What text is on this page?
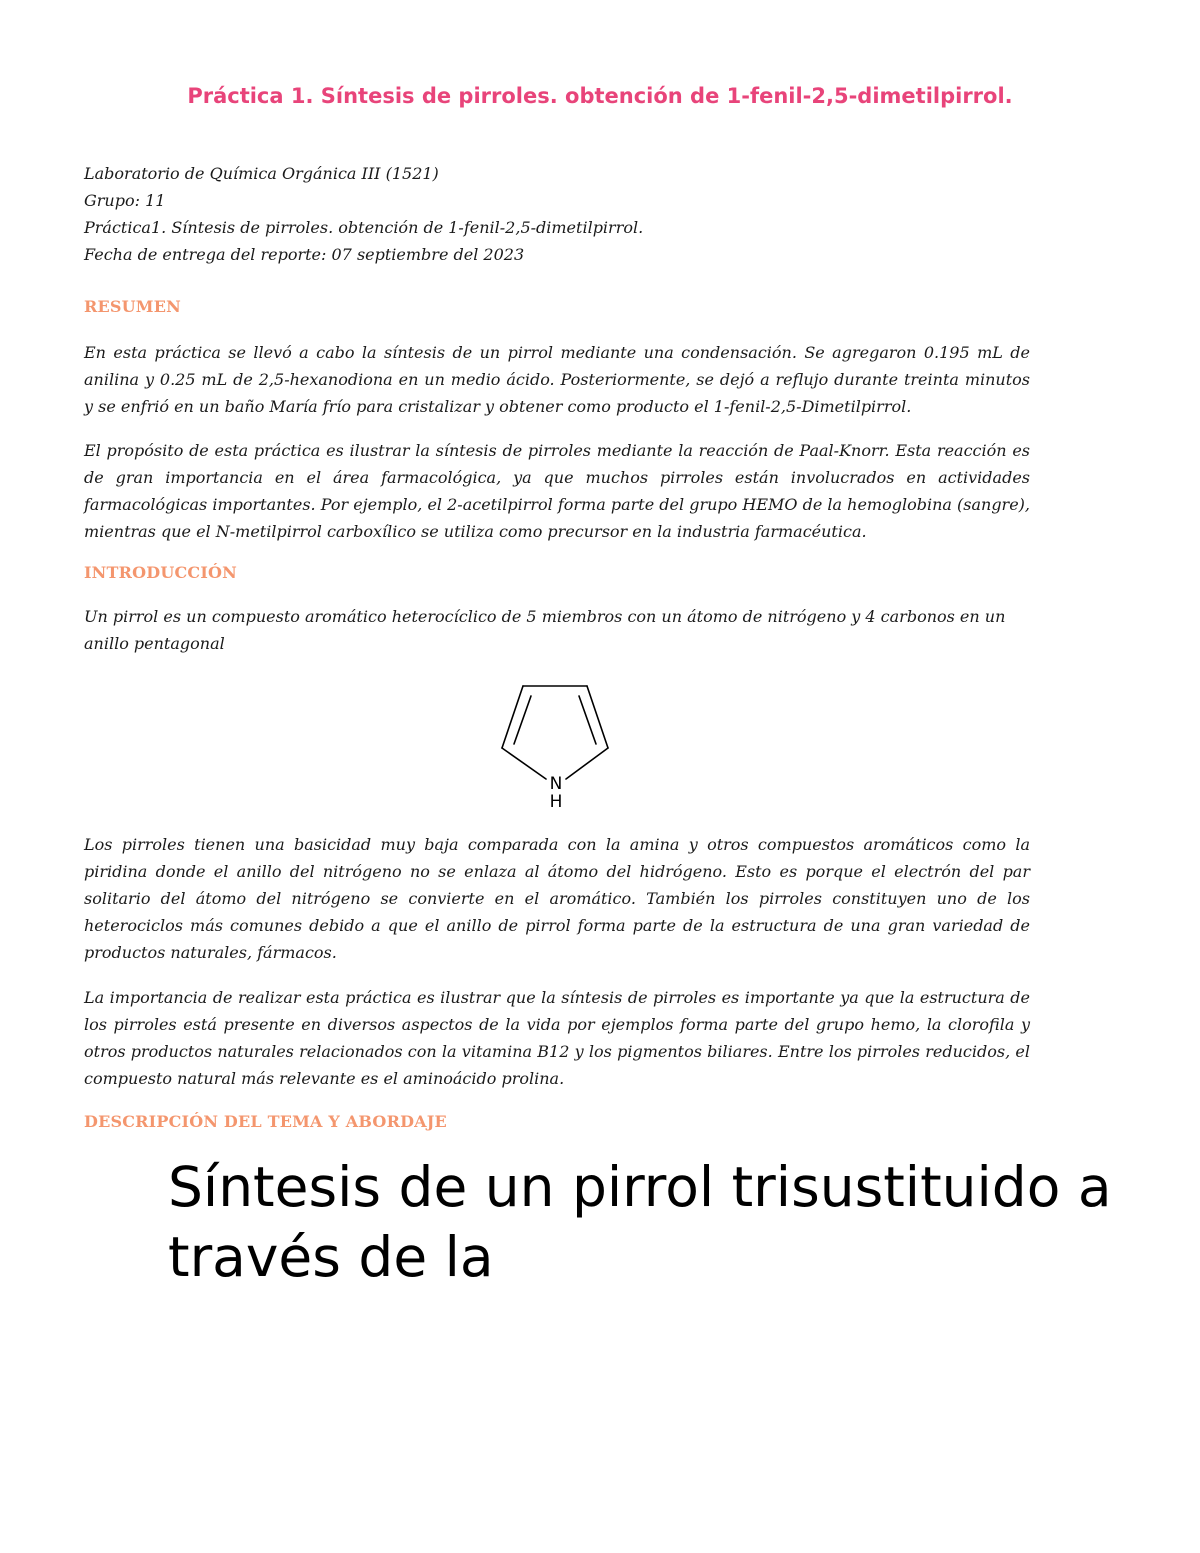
Práctica 1. Síntesis de pirroles. obtención de 1-fenil-2,5-dimetilpirrol.
Laboratorio de Química Orgánica III (1521)
Grupo: 11
Práctica1. Síntesis de pirroles. obtención de 1-fenil-2,5-dimetilpirrol.
Fecha de entrega del reporte: 07 septiembre del 2023
RESUMEN
En esta práctica se llevó a cabo la síntesis de un pirrol mediante una condensación. Se agregaron 0.195 mL de anilina y 0.25 mL de 2,5-hexanodiona en un medio ácido. Posteriormente, se dejó a reflujo durante treinta minutos y se enfrió en un baño María frío para cristalizar y obtener como producto el 1-fenil-2,5-Dimetilpirrol.
El propósito de esta práctica es ilustrar la síntesis de pirroles mediante la reacción de Paal-Knorr. Esta reacción es de gran importancia en el área farmacológica, ya que muchos pirroles están involucrados en actividades farmacológicas importantes. Por ejemplo, el 2-acetilpirrol forma parte del grupo HEMO de la hemoglobina (sangre), mientras que el N-metilpirrol carboxílico se utiliza como precursor en la industria farmacéutica.
INTRODUCCIÓN
Un pirrol es un compuesto aromático heterocíclico de 5 miembros con un átomo de nitrógeno y 4 carbonos en un anillo pentagonal
N
H
Los pirroles tienen una basicidad muy baja comparada con la amina y otros compuestos aromáticos como la piridina donde el anillo del nitrógeno no se enlaza al átomo del hidrógeno. Esto es porque el electrón del par solitario del átomo del nitrógeno se convierte en el aromático. También los pirroles constituyen uno de los heterociclos más comunes debido a que el anillo de pirrol forma parte de la estructura de una gran variedad de productos naturales, fármacos.
La importancia de realizar esta práctica es ilustrar que la síntesis de pirroles es importante ya que la estructura de los pirroles está presente en diversos aspectos de la vida por ejemplos forma parte del grupo hemo, la clorofila y otros productos naturales relacionados con la vitamina B12 y los pigmentos biliares. Entre los pirroles reducidos, el compuesto natural más relevante es el aminoácido prolina.
DESCRIPCIÓN DEL TEMA Y ABORDAJE
Síntesis de un pirrol trisustituido a través de la
